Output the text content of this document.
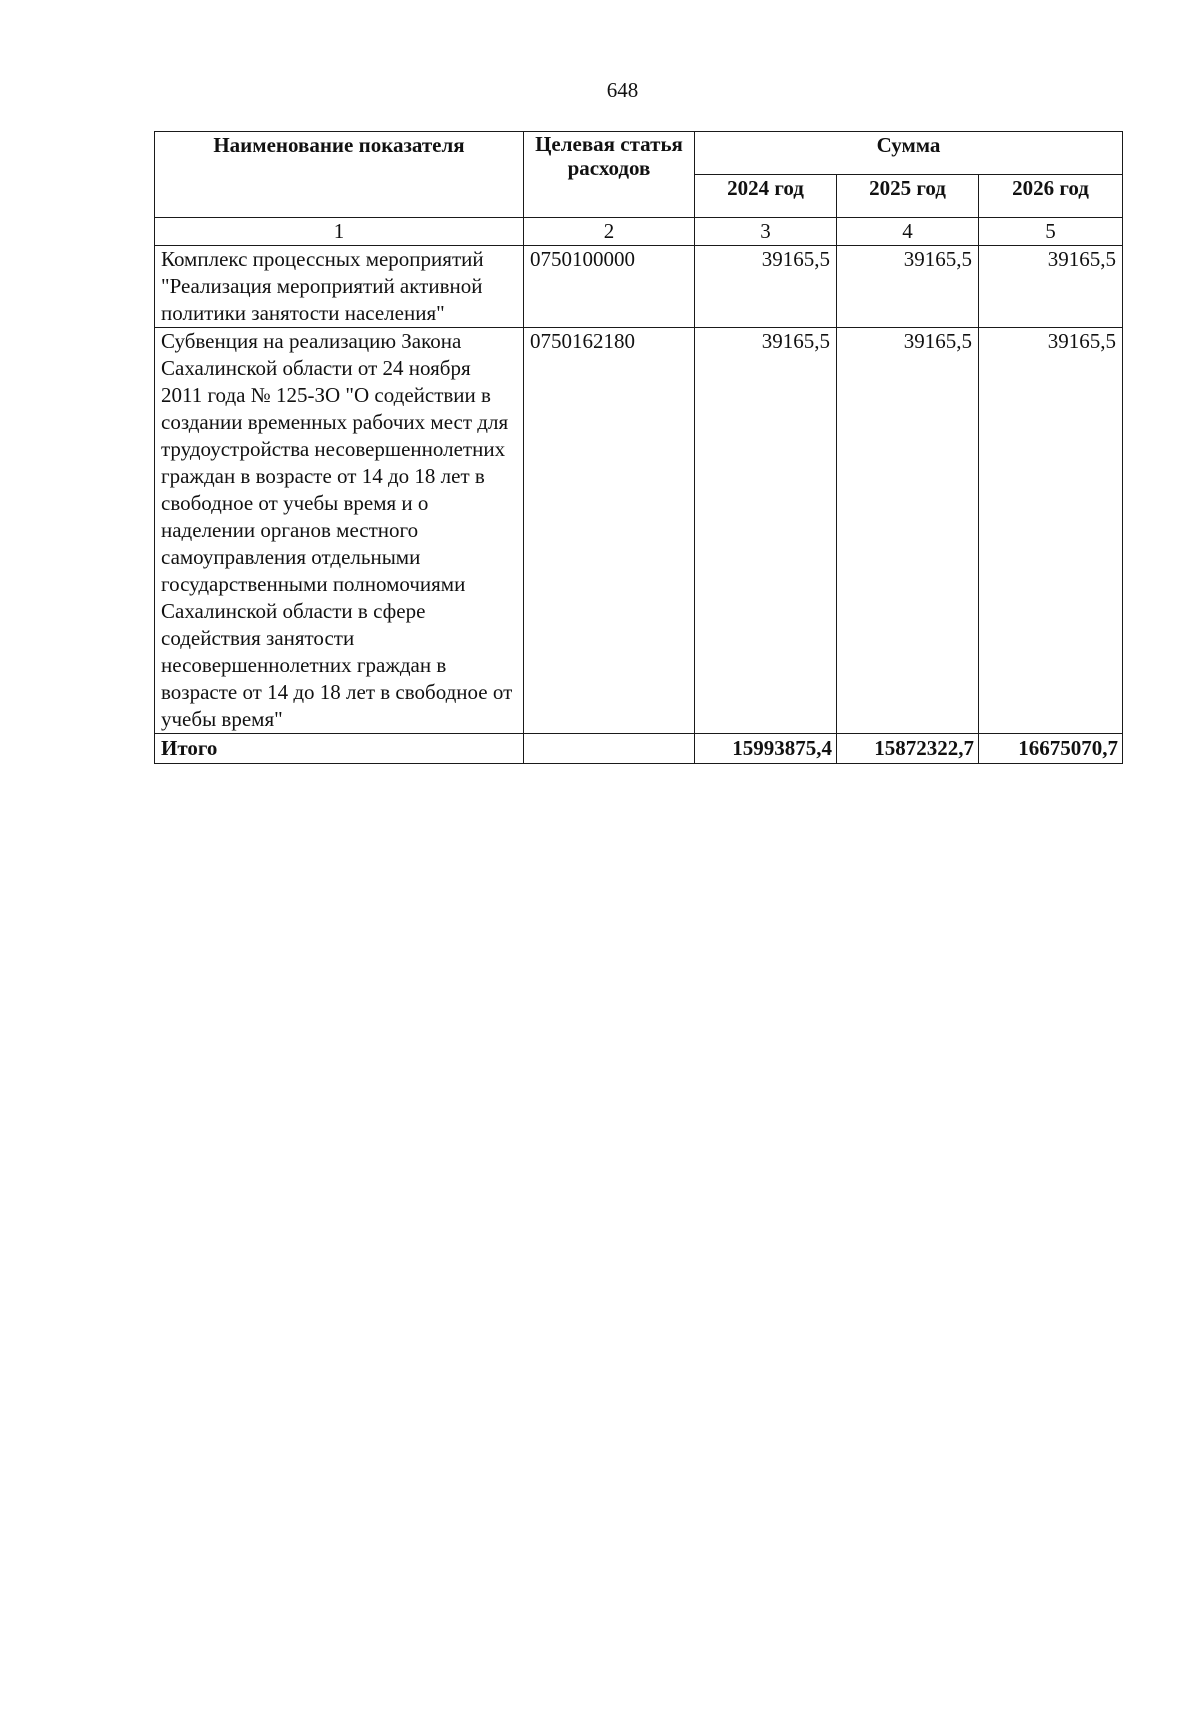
648
Наименование показателя	Целевая статья расходов	Сумма		
		2024 год	2025 год	2026 год
1	2	3	4	5
Комплекс процессных мероприятий "Реализация мероприятий активной политики занятости населения"	0750100000	39165,5	39165,5	39165,5
Субвенция на реализацию Закона Сахалинской области от 24 ноября 2011 года № 125-ЗО "О содействии в создании временных рабочих мест для трудоустройства несовершеннолетних граждан в возрасте от 14 до 18 лет в свободное от учебы время и о наделении органов местного самоуправления отдельными государственными полномочиями Сахалинской области в сфере содействия занятости несовершеннолетних граждан в возрасте от 14 до 18 лет в свободное от учебы время"	0750162180	39165,5	39165,5	39165,5
Итого		15993875,4	15872322,7	16675070,7
